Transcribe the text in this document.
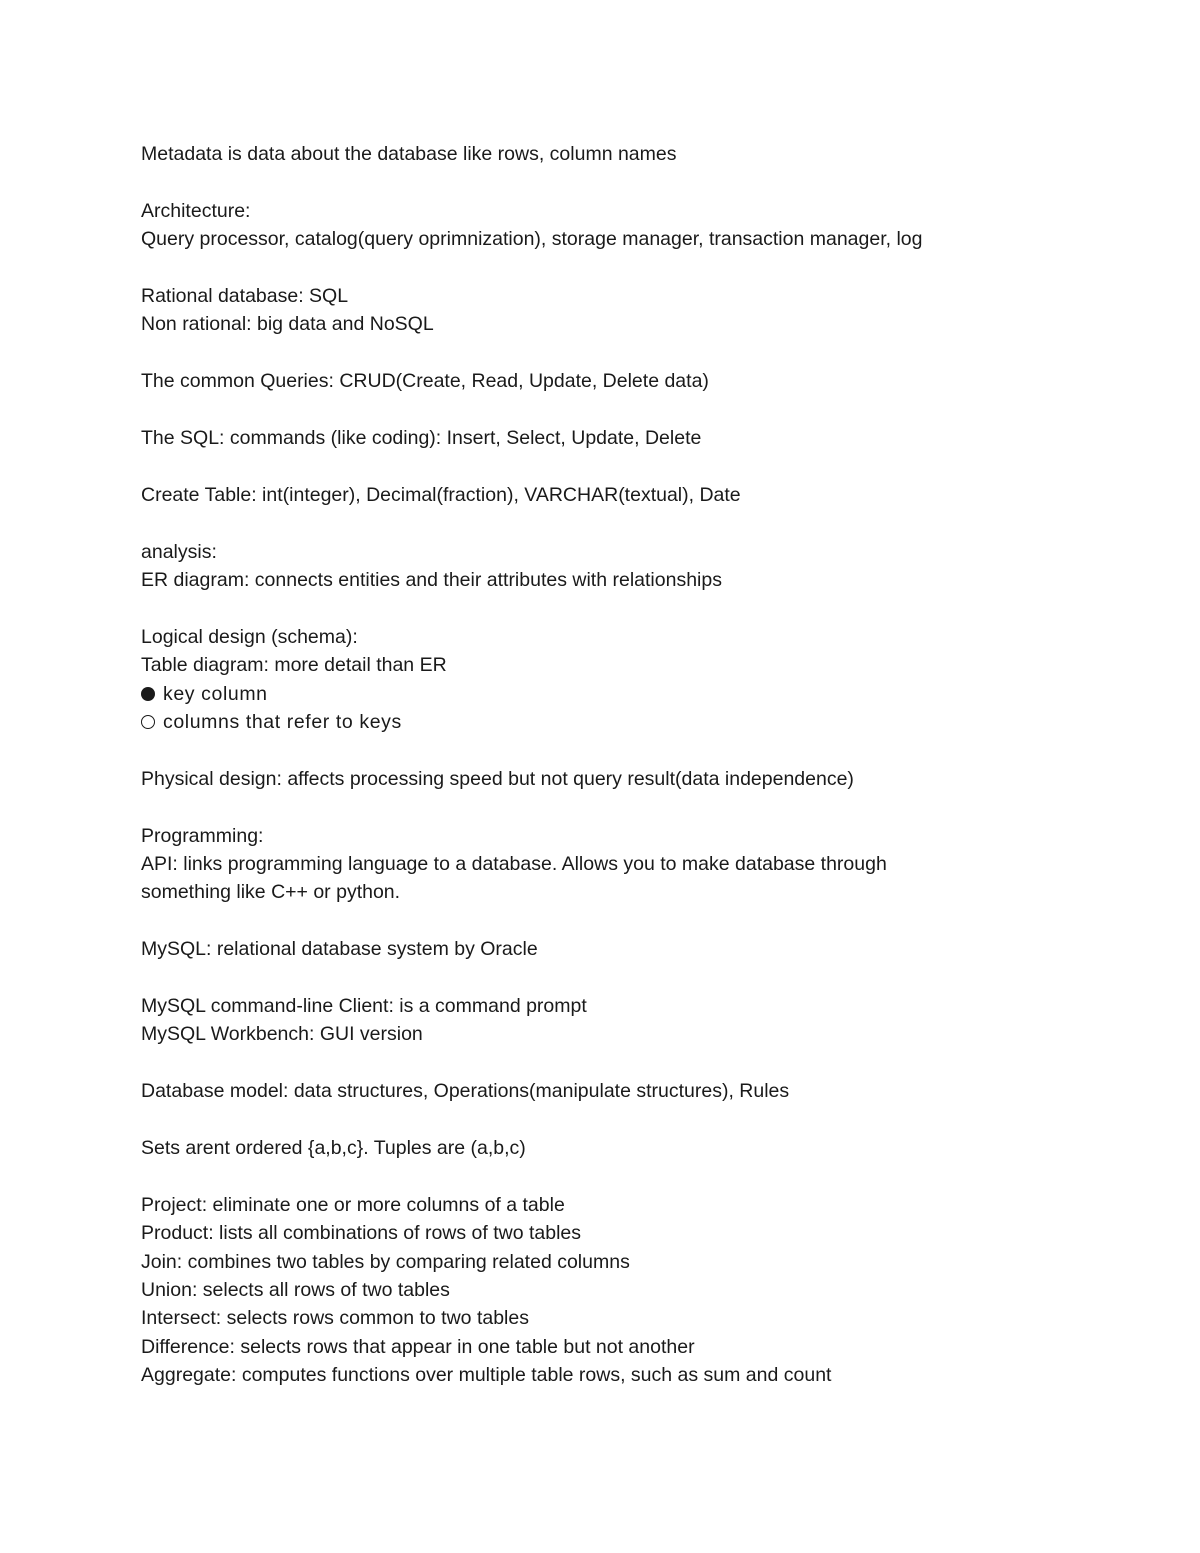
Metadata is data about the database like rows, column names
Architecture:
Query processor, catalog(query oprimnization), storage manager, transaction manager, log
Rational database: SQL
Non rational: big data and NoSQL
The common Queries: CRUD(Create, Read, Update, Delete data)
The SQL: commands (like coding): Insert, Select, Update, Delete
Create Table: int(integer), Decimal(fraction), VARCHAR(textual), Date
analysis:
ER diagram: connects entities and their attributes with relationships
Logical design (schema):
Table diagram: more detail than ER
key column
columns that refer to keys
Physical design: affects processing speed but not query result(data independence)
Programming:
API: links programming language to a database. Allows you to make database through
something like C++ or python.
MySQL: relational database system by Oracle
MySQL command-line Client: is a command prompt
MySQL Workbench: GUI version
Database model: data structures, Operations(manipulate structures), Rules
Sets arent ordered {a,b,c}. Tuples are (a,b,c)
Project: eliminate one or more columns of a table
Product: lists all combinations of rows of two tables
Join: combines two tables by comparing related columns
Union: selects all rows of two tables
Intersect: selects rows common to two tables
Difference: selects rows that appear in one table but not another
Aggregate: computes functions over multiple table rows, such as sum and count
